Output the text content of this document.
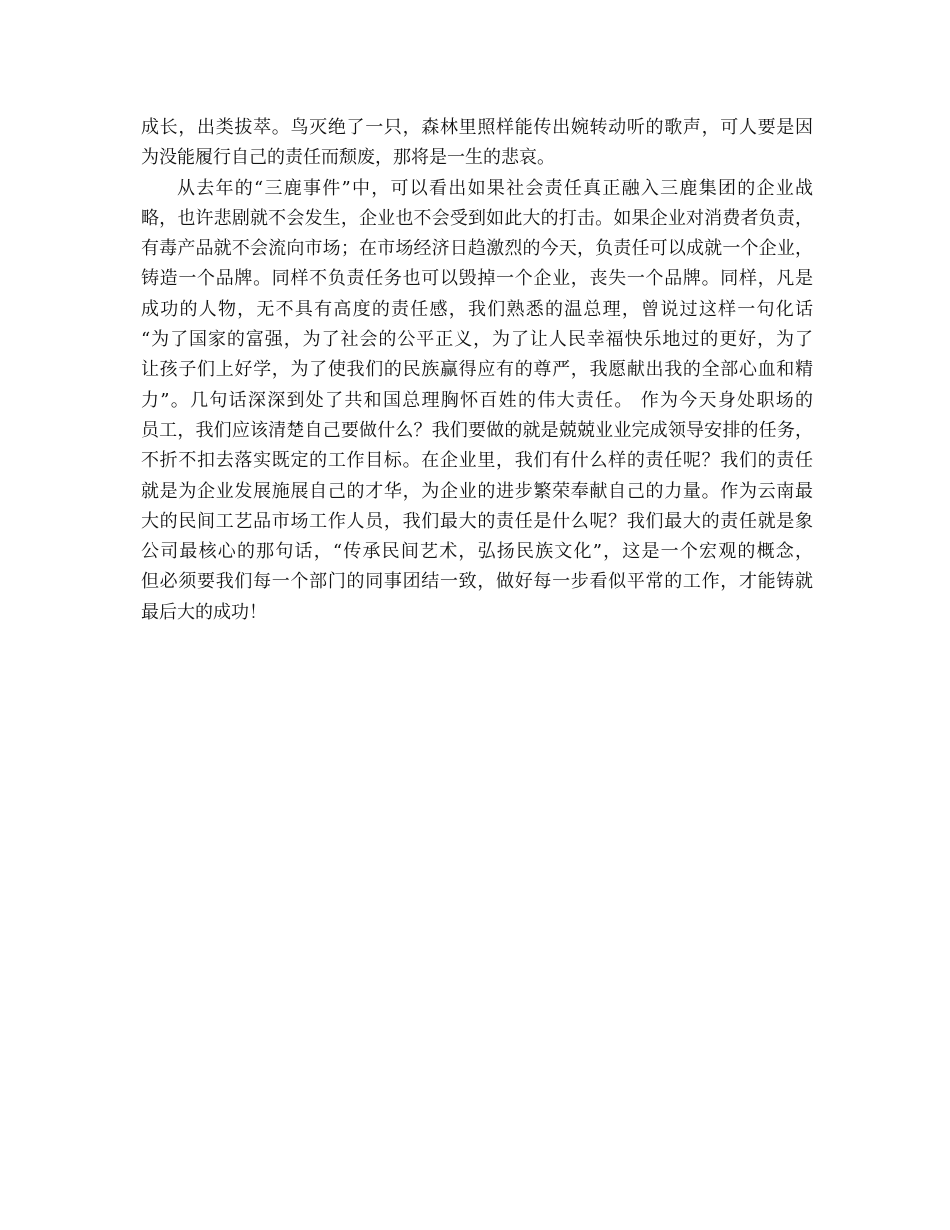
成长，出类拔萃。鸟灭绝了一只，森林里照样能传出婉转动听的歌声，可人要是因
为没能履行自己的责任而颓废，那将是一生的悲哀。
从去年的“三鹿事件”中，可以看出如果社会责任真正融入三鹿集团的企业战
略，也许悲剧就不会发生，企业也不会受到如此大的打击。如果企业对消费者负责，
有毒产品就不会流向市场；在市场经济日趋激烈的今天，负责任可以成就一个企业，
铸造一个品牌。同样不负责任务也可以毁掉一个企业，丧失一个品牌。同样，凡是
成功的人物，无不具有高度的责任感，我们熟悉的温总理，曾说过这样一句化话
“为了国家的富强，为了社会的公平正义，为了让人民幸福快乐地过的更好，为了
让孩子们上好学，为了使我们的民族赢得应有的尊严，我愿献出我的全部心血和精
力”。几句话深深到处了共和国总理胸怀百姓的伟大责任。 作为今天身处职场的
员工，我们应该清楚自己要做什么？我们要做的就是兢兢业业完成领导安排的任务，
不折不扣去落实既定的工作目标。在企业里，我们有什么样的责任呢？我们的责任
就是为企业发展施展自己的才华，为企业的进步繁荣奉献自己的力量。作为云南最
大的民间工艺品市场工作人员，我们最大的责任是什么呢？我们最大的责任就是象
公司最核心的那句话，“传承民间艺术，弘扬民族文化”，这是一个宏观的概念，
但必须要我们每一个部门的同事团结一致，做好每一步看似平常的工作，才能铸就
最后大的成功！
